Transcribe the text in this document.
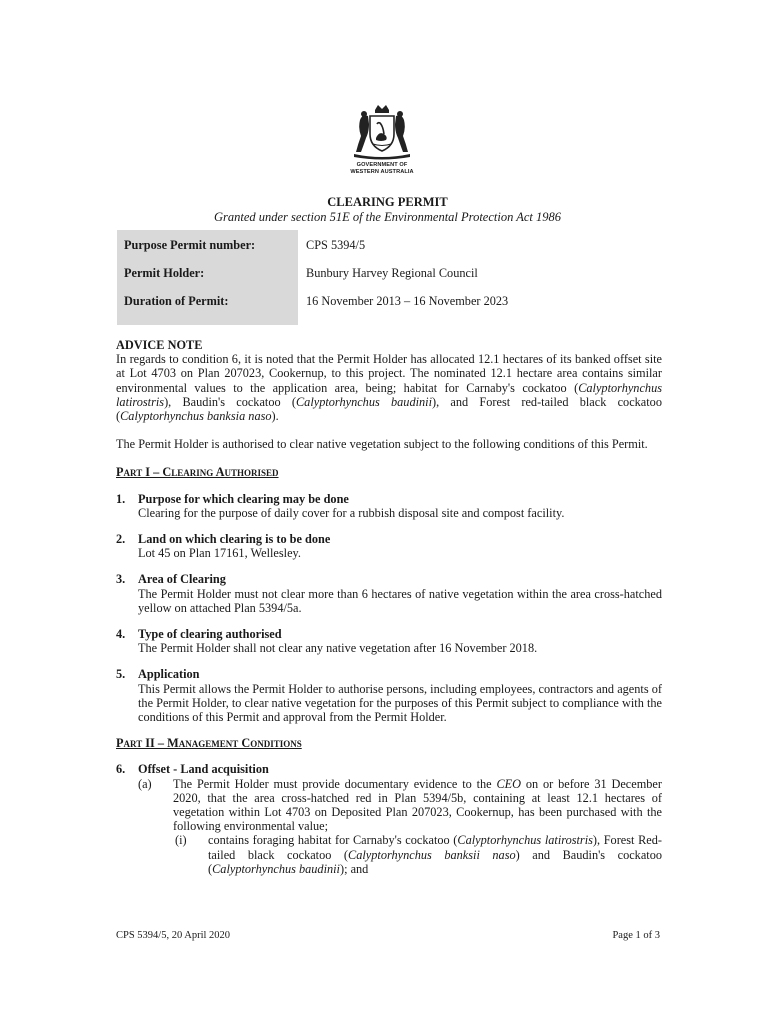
GOVERNMENT OF
WESTERN AUSTRALIA
CLEARING PERMIT
Granted under section 51E of the Environmental Protection Act 1986
Purpose Permit number:	CPS 5394/5
Permit Holder:	Bunbury Harvey Regional Council
Duration of Permit:	16 November 2013 – 16 November 2023
ADVICE NOTE

In regards to condition 6, it is noted that the Permit Holder has allocated 12.1 hectares of its banked offset site at Lot 4703 on Plan 207023, Cookernup, to this project. The nominated 12.1 hectare area contains similar environmental values to the application area, being; habitat for Carnaby's cockatoo (Calyptorhynchus latirostris), Baudin's cockatoo (Calyptorhynchus baudinii), and Forest red-tailed black cockatoo (Calyptorhynchus banksia naso).

The Permit Holder is authorised to clear native vegetation subject to the following conditions of this Permit.

Part I – Clearing Authorised
1. Purpose for which clearing may be done
Clearing for the purpose of daily cover for a rubbish disposal site and compost facility.
2. Land on which clearing is to be done
Lot 45 on Plan 17161, Wellesley.
3. Area of Clearing
The Permit Holder must not clear more than 6 hectares of native vegetation within the area cross-hatched yellow on attached Plan 5394/5a.
4. Type of clearing authorised
The Permit Holder shall not clear any native vegetation after 16 November 2018.
5. Application
This Permit allows the Permit Holder to authorise persons, including employees, contractors and agents of the Permit Holder, to clear native vegetation for the purposes of this Permit subject to compliance with the conditions of this Permit and approval from the Permit Holder.
Part II – Management Conditions
6. Offset - Land acquisition
(a) The Permit Holder must provide documentary evidence to the CEO on or before 31 December 2020, that the area cross-hatched red in Plan 5394/5b, containing at least 12.1 hectares of vegetation within Lot 4703 on Deposited Plan 207023, Cookernup, has been purchased with the following environmental value;
(i) contains foraging habitat for Carnaby's cockatoo (Calyptorhynchus latirostris), Forest Red-tailed black cockatoo (Calyptorhynchus banksii naso) and Baudin's cockatoo (Calyptorhynchus baudinii); and
CPS 5394/5, 20 April 2020	Page 1 of 3
